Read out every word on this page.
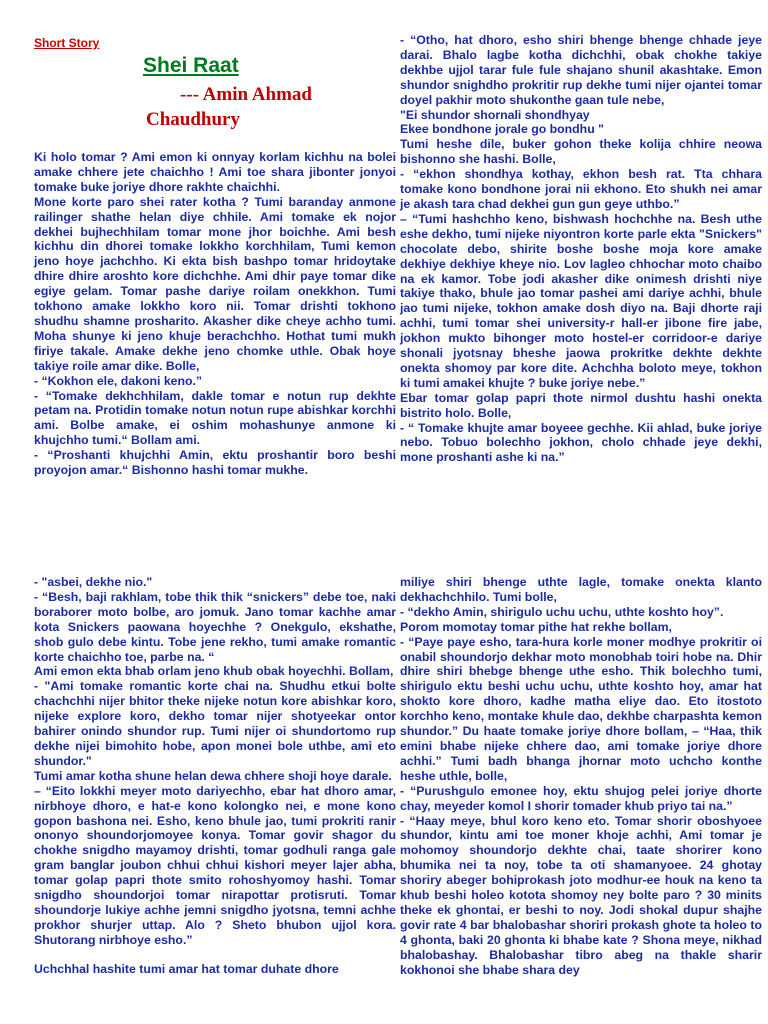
Short Story
Shei Raat
--- Amin Ahmad
Chaudhury

Ki holo tomar ? Ami emon ki onnyay korlam kichhu na bolei amake chhere jete chaichho ! Ami toe shara jibonter jonyoi tomake buke joriye dhore rakhte chaichhi.

Mone korte paro shei rater kotha ? Tumi baranday anmone railinger shathe helan diye chhile. Ami tomake ek nojor dekhei bujhechhilam tomar mone jhor boichhe. Ami besh kichhu din dhorei tomake lokkho korchhilam, Tumi kemon jeno hoye jachchho. Ki ekta bish bashpo tomar hridoytake dhire dhire aroshto kore dichchhe. Ami dhir paye tomar dike egiye gelam. Tomar pashe dariye roilam onekkhon. Tumi tokhono amake lokkho koro nii. Tomar drishti tokhono shudhu shamne prosharito. Akasher dike cheye achho tumi. Moha shunye ki jeno khuje berachchho. Hothat tumi mukh firiye takale. Amake dekhe jeno chomke uthle. Obak hoye takiye roile amar dike. Bolle,

- “Kokhon ele, dakoni keno.”

- “Tomake dekhchhilam, dakle tomar e notun rup dekhte petam na. Protidin tomake notun notun rupe abishkar korchhi ami. Bolbe amake, ei oshim mohashunye anmone ki khujchho tumi.“ Bollam ami.

- “Proshanti khujchhi Amin, ektu proshantir boro beshi proyojon amar.“ Bishonno hashi tomar mukhe.

- “Otho, hat dhoro, esho shiri bhenge bhenge chhade jeye darai. Bhalo lagbe kotha dichchhi, obak chokhe takiye dekhbe ujjol tarar fule fule shajano shunil akashtake. Emon shundor snighdho prokritir rup dekhe tumi nijer ojantei tomar doyel pakhir moto shukonthe gaan tule nebe,

"Ei shundor shornali shondhyay

Ekee bondhone jorale go bondhu "

Tumi heshe dile, buker gohon theke kolija chhire neowa bishonno she hashi. Bolle,

- “ekhon shondhya kothay, ekhon besh rat. Tta chhara tomake kono bondhone jorai nii ekhono. Eto shukh nei amar je akash tara chad dekhei gun gun geye uthbo.”

– “Tumi hashchho keno, bishwash hochchhe na. Besh uthe eshe dekho, tumi nijeke niyontron korte parle ekta "Snickers" chocolate debo, shirite boshe boshe moja kore amake dekhiye dekhiye kheye nio. Lov lagleo chhochar moto chaibo na ek kamor. Tobe jodi akasher dike onimesh drishti niye takiye thako, bhule jao tomar pashei ami dariye achhi, bhule jao tumi nijeke, tokhon amake dosh diyo na. Baji dhorte raji achhi, tumi tomar shei university-r hall-er jibone fire jabe, jokhon mukto bihonger moto hostel-er corridoor-e dariye shonali jyotsnay bheshe jaowa prokritke dekhte dekhte onekta shomoy par kore dite. Achchha boloto meye, tokhon ki tumi amakei khujte ? buke joriye nebe.”

Ebar tomar golap papri thote nirmol dushtu hashi onekta bistrito holo. Bolle,

- “ Tomake khujte amar boyeee gechhe. Kii ahlad, buke joriye nebo. Tobuo bolechho jokhon, cholo chhade jeye dekhi, mone proshanti ashe ki na.”

- "asbei, dekhe nio."

- “Besh, baji rakhlam, tobe thik thik “snickers” debe toe, naki boraborer moto bolbe, aro jomuk. Jano tomar kachhe amar kota Snickers paowana hoyechhe ? Onekgulo, ekshathe, shob gulo debe kintu. Tobe jene rekho, tumi amake romantic korte chaichho toe, parbe na. “

Ami emon ekta bhab orlam jeno khub obak hoyechhi. Bollam,

- "Ami tomake romantic korte chai na. Shudhu etkui bolte chachchhi nijer bhitor theke nijeke notun kore abishkar koro, nijeke explore koro, dekho tomar nijer shotyeekar ontor bahirer onindo shundor rup. Tumi nijer oi shundortomo rup dekhe nijei bimohito hobe, apon monei bole uthbe, ami eto shundor."

Tumi amar kotha shune helan dewa chhere shoji hoye darale.

– “Eito lokkhi meyer moto dariyechho, ebar hat dhoro amar, nirbhoye dhoro, e hat-e kono kolongko nei, e mone kono gopon bashona nei. Esho, keno bhule jao, tumi prokriti ranir ononyo shoundorjomoyee konya. Tomar govir shagor du chokhe snigdho mayamoy drishti, tomar godhuli ranga gale gram banglar joubon chhui chhui kishori meyer lajer abha, tomar golap papri thote smito rohoshyomoy hashi. Tomar snigdho shoundorjoi tomar nirapottar protisruti. Tomar shoundorje lukiye achhe jemni snigdho jyotsna, temni achhe prokhor shurjer uttap. Alo ? Sheto bhubon ujjol kora. Shutorang nirbhoye esho.”

Uchchhal hashite tumi amar hat tomar duhate dhore

miliye shiri bhenge uthte lagle, tomake onekta klanto dekhachchhilo. Tumi bolle,

- “dekho Amin, shirigulo uchu uchu, uthte koshto hoy”.

Porom momotay tomar pithe hat rekhe bollam,

- “Paye paye esho, tara-hura korle moner modhye prokritir oi onabil shoundorjo dekhar moto monobhab toiri hobe na. Dhir dhire shiri bhebge bhenge uthe esho. Thik bolechho tumi, shirigulo ektu beshi uchu uchu, uthte koshto hoy, amar hat shokto kore dhoro, kadhe matha eliye dao. Eto itostoto korchho keno, montake khule dao, dekhbe charpashta kemon shundor.” Du haate tomake joriye dhore bollam, – “Haa, thik emini bhabe nijeke chhere dao, ami tomake joriye dhore achhi.” Tumi badh bhanga jhornar moto uchcho konthe heshe uthle, bolle,

- “Purushgulo emonee hoy, ektu shujog pelei joriye dhorte chay, meyeder komol I shorir tomader khub priyo tai na.”

- “Haay meye, bhul koro keno eto. Tomar shorir oboshyoee shundor, kintu ami toe moner khoje achhi, Ami tomar je mohomoy shoundorjo dekhte chai, taate shorirer kono bhumika nei ta noy, tobe ta oti shamanyoee. 24 ghotay shoriry abeger bohiprokash joto modhur-ee houk na keno ta khub beshi holeo kotota shomoy ney bolte paro ? 30 minits theke ek ghontai, er beshi to noy. Jodi shokal dupur shajhe govir rate 4 bar bhalobashar shoriri prokash ghote ta holeo to 4 ghonta, baki 20 ghonta ki bhabe kate ? Shona meye, nikhad bhalobashay. Bhalobashar tibro abeg na thakle sharir kokhonoi she bhabe shara dey
